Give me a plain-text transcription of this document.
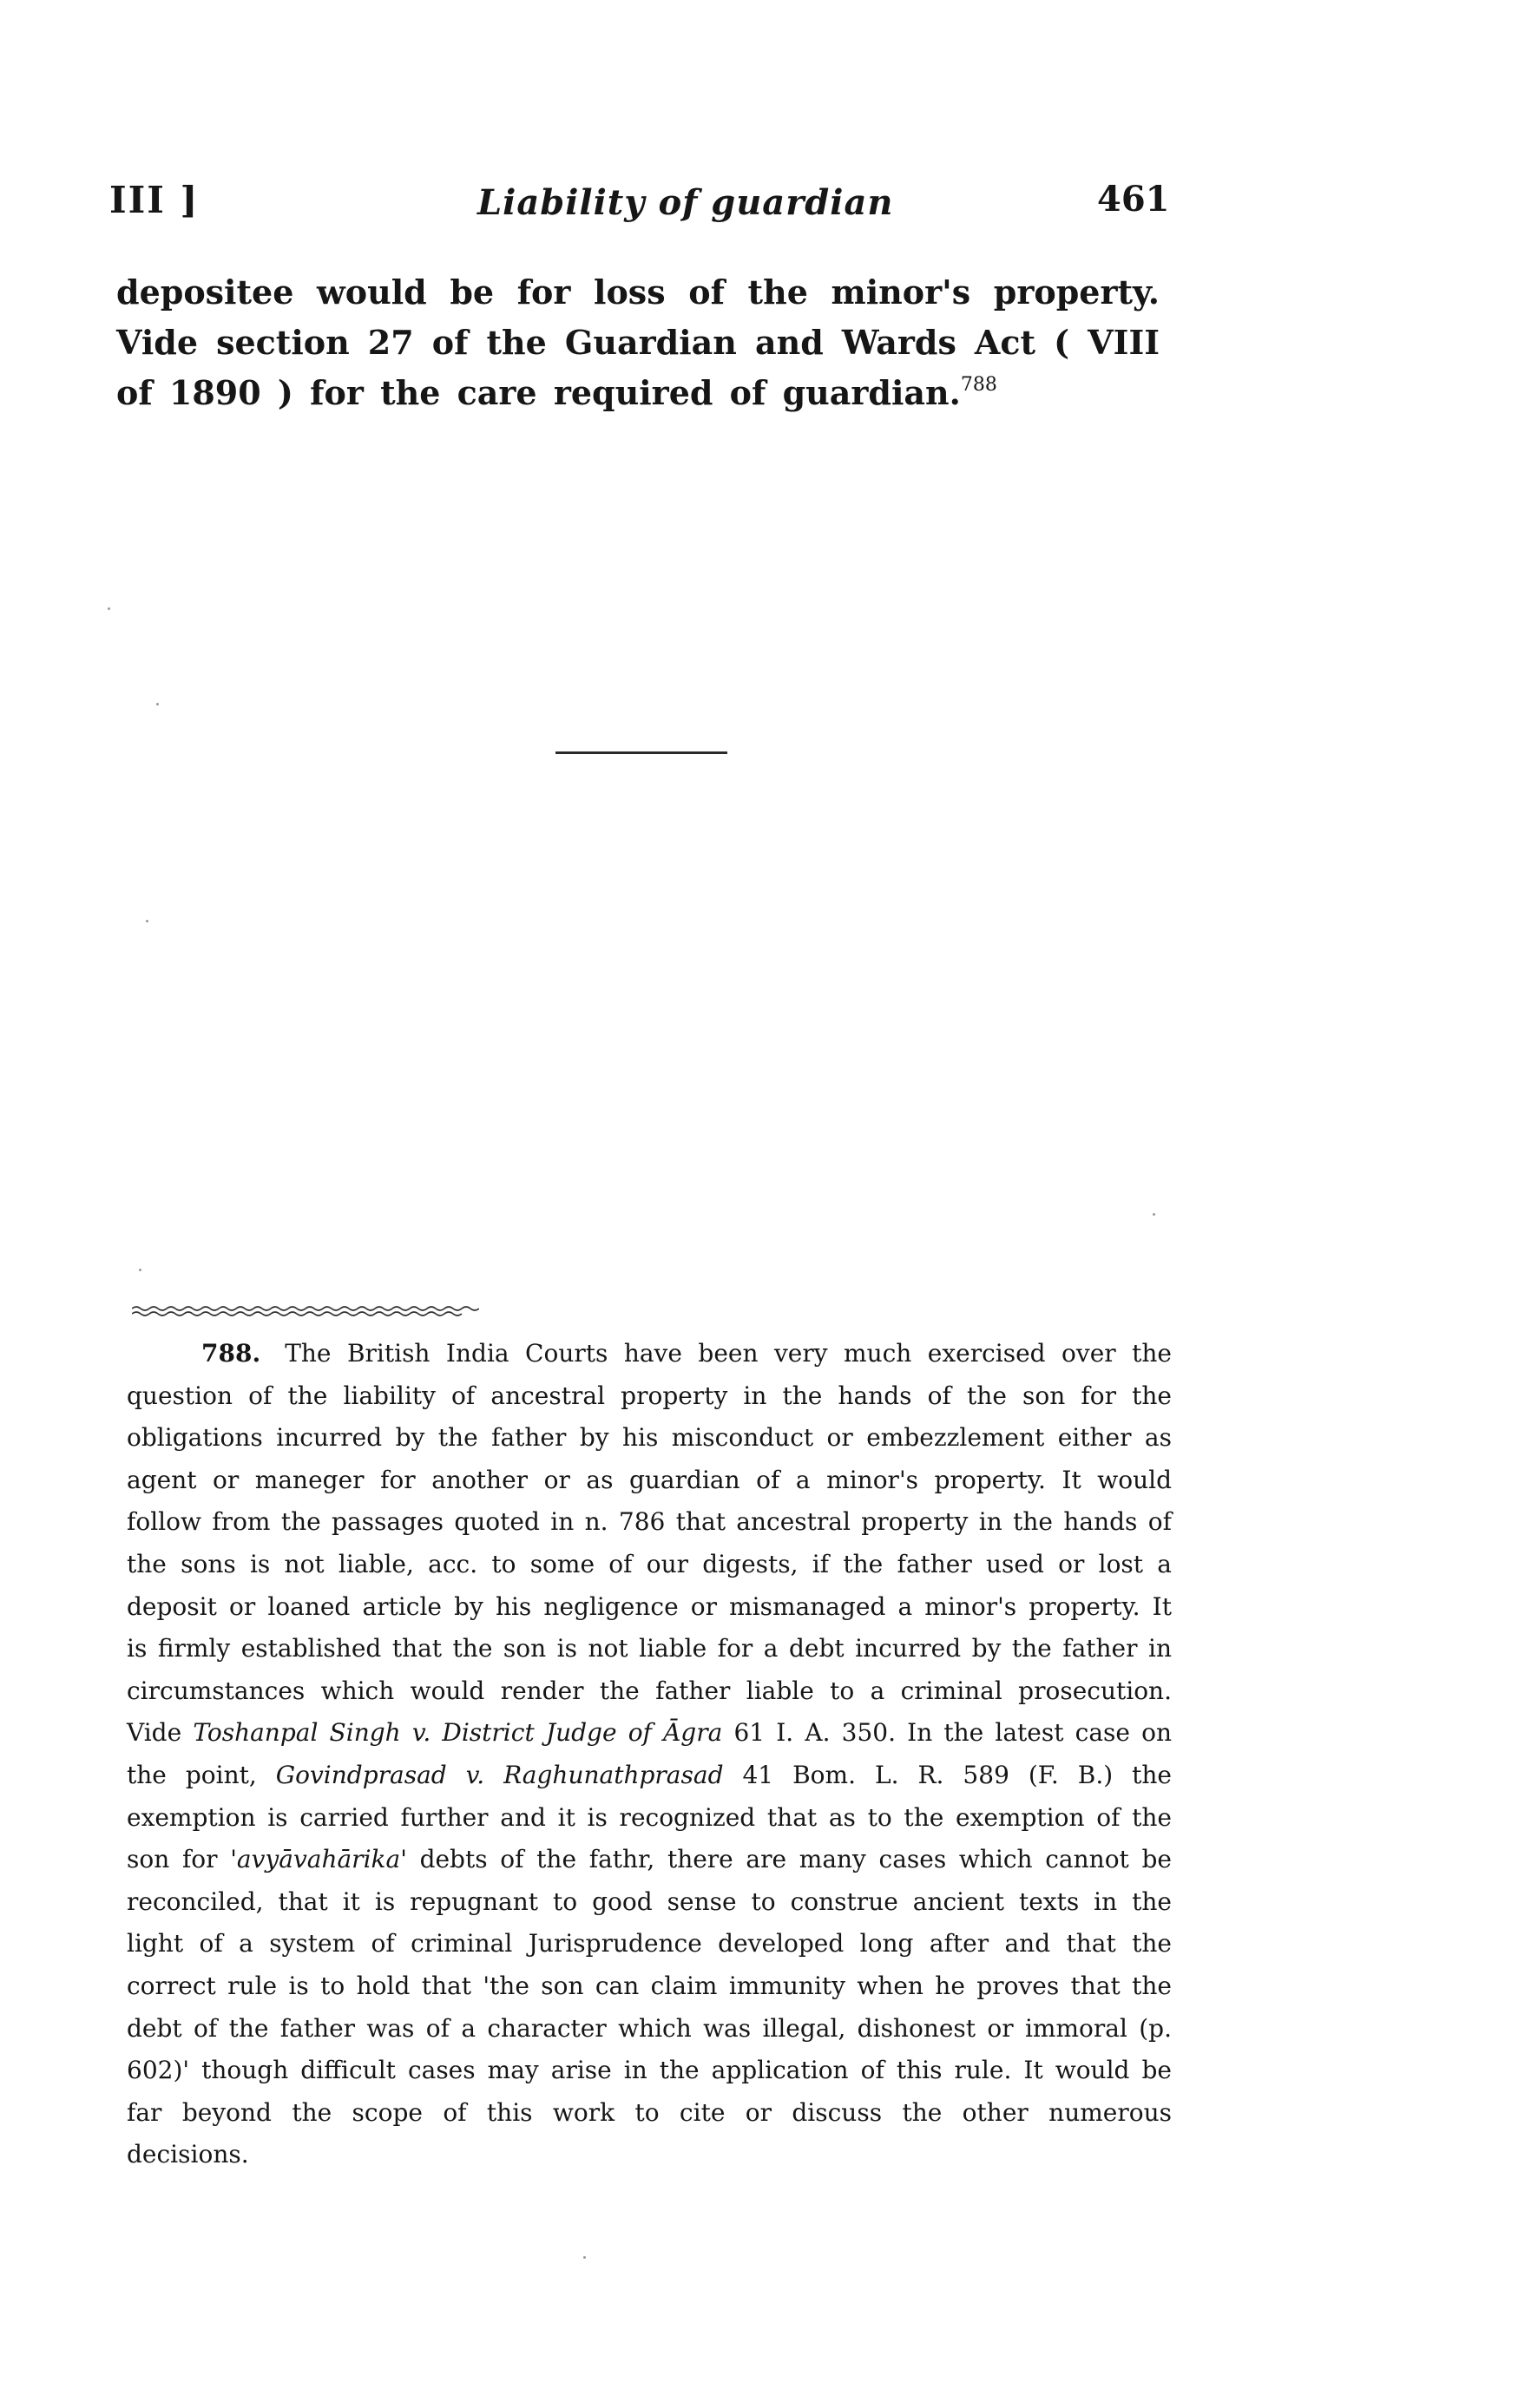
III ]	Liability of guardian	461
depositee would be for loss of the minor's property. Vide section 27 of the Guardian and Wards Act ( VIII of 1890 ) for the care required of guardian.$^{788}$
788. The British India Courts have been very much exercised over the question of the liability of ancestral property in the hands of the son for the obligations incurred by the father by his misconduct or embezzlement either as agent or maneger for another or as guardian of a minor's property. It would follow from the passages quoted in n. 786 that ancestral property in the hands of the sons is not liable, acc. to some of our digests, if the father used or lost a deposit or loaned article by his negligence or mismanaged a minor's property. It is firmly established that the son is not liable for a debt incurred by the father in circumstances which would render the father liable to a criminal prosecution. Vide Toshanpal Singh v. District Judge of Āgra 61 I. A. 350. In the latest case on the point, Govindprasad v. Raghunathprasad 41 Bom. L. R. 589 (F. B.) the exemption is carried further and it is recognized that as to the exemption of the son for 'avyāvahārika' debts of the fathr, there are many cases which cannot be reconciled, that it is repugnant to good sense to construe ancient texts in the light of a system of criminal Jurisprudence developed long after and that the correct rule is to hold that 'the son can claim immunity when he proves that the debt of the father was of a character which was illegal, dishonest or immoral (p. 602)' though difficult cases may arise in the application of this rule. It would be far beyond the scope of this work to cite or discuss the other numerous decisions.
